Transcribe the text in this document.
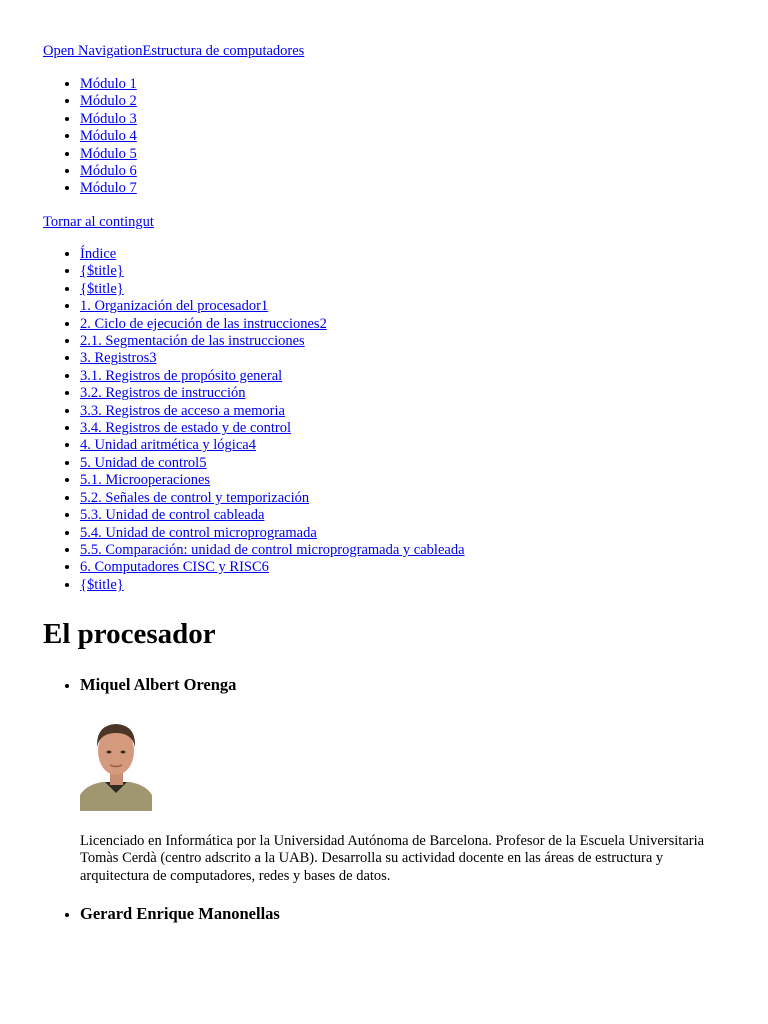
Open NavigationEstructura de computadores
• Módulo 1
• Módulo 2
• Módulo 3
• Módulo 4
• Módulo 5
• Módulo 6
• Módulo 7
Tornar al contingut
• Índice
• {$title}
• {$title}
• 1. Organización del procesador1
• 2. Ciclo de ejecución de las instrucciones2
• 2.1. Segmentación de las instrucciones
• 3. Registros3
• 3.1. Registros de propósito general
• 3.2. Registros de instrucción
• 3.3. Registros de acceso a memoria
• 3.4. Registros de estado y de control
• 4. Unidad aritmética y lógica4
• 5. Unidad de control5
• 5.1. Microoperaciones
• 5.2. Señales de control y temporización
• 5.3. Unidad de control cableada
• 5.4. Unidad de control microprogramada
• 5.5. Comparación: unidad de control microprogramada y cableada
• 6. Computadores CISC y RISC6
• {$title}
El procesador
• Miquel Albert Orenga

Licenciado en Informática por la Universidad Autónoma de Barcelona. Profesor de la Escuela Universitaria Tomàs Cerdà (centro adscrito a la UAB). Desarrolla su actividad docente en las áreas de estructura y arquitectura de computadores, redes y bases de datos.

• Gerard Enrique Manonellas
